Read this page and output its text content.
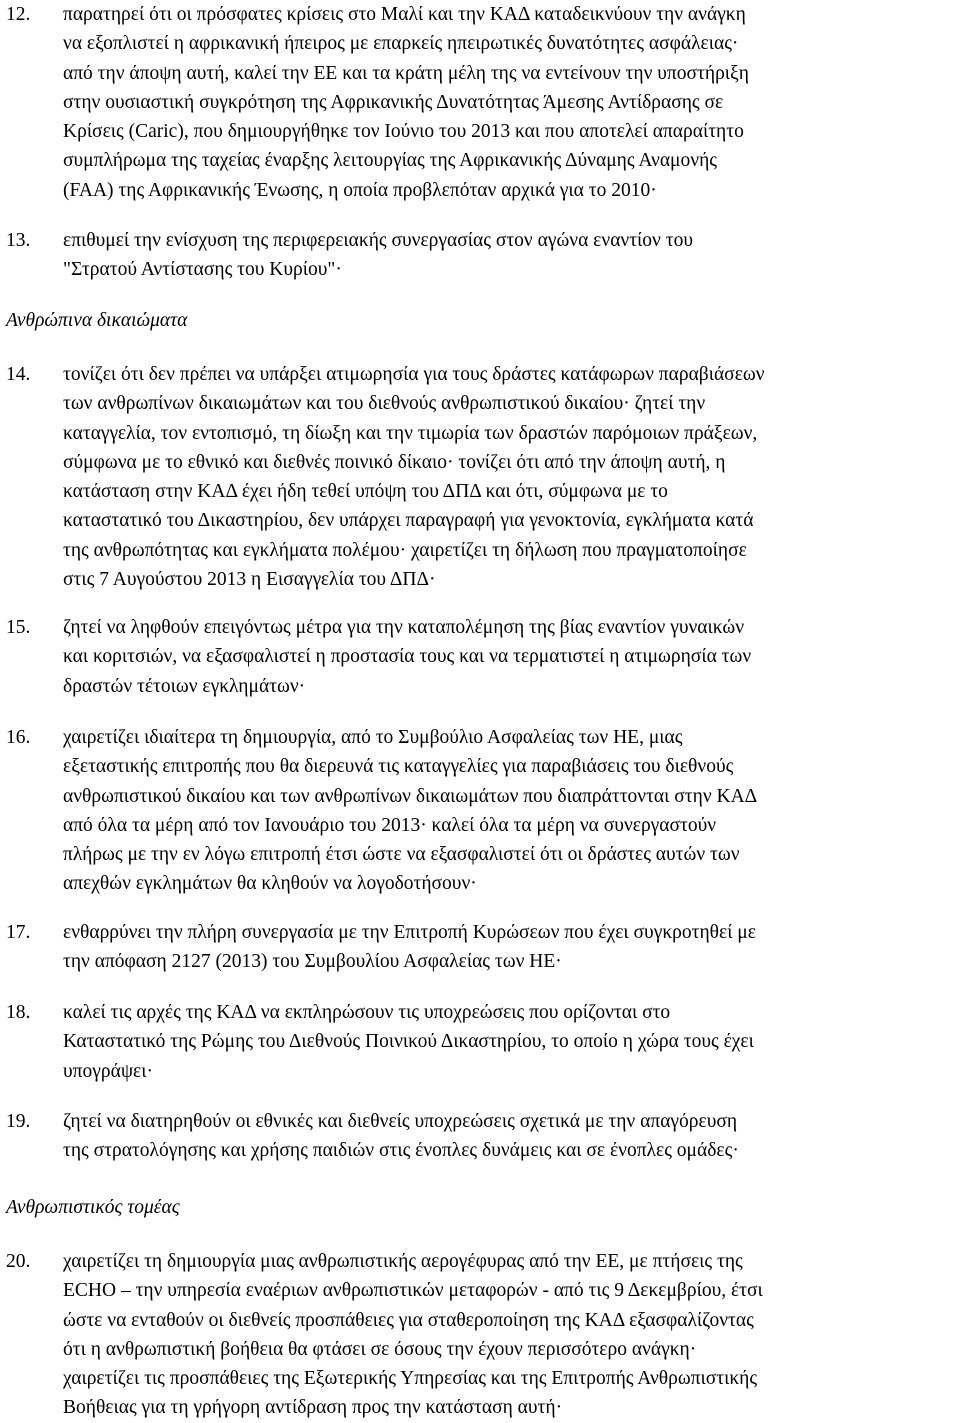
12. παρατηρεί ότι οι πρόσφατες κρίσεις στο Μαλί και την ΚΑΔ καταδεικνύουν την ανάγκη
να εξοπλιστεί η αφρικανική ήπειρος με επαρκείς ηπειρωτικές δυνατότητες ασφάλειας·
από την άποψη αυτή, καλεί την ΕΕ και τα κράτη μέλη της να εντείνουν την υποστήριξη
στην ουσιαστική συγκρότηση της Αφρικανικής Δυνατότητας Άμεσης Αντίδρασης σε
Κρίσεις (Caric), που δημιουργήθηκε τον Ιούνιο του 2013 και που αποτελεί απαραίτητο
συμπλήρωμα της ταχείας έναρξης λειτουργίας της Αφρικανικής Δύναμης Αναμονής
(FAA) της Αφρικανικής Ένωσης, η οποία προβλεπόταν αρχικά για το 2010·
13. επιθυμεί την ενίσχυση της περιφερειακής συνεργασίας στον αγώνα εναντίον του
"Στρατού Αντίστασης του Κυρίου"·
Ανθρώπινα δικαιώματα
14. τονίζει ότι δεν πρέπει να υπάρξει ατιμωρησία για τους δράστες κατάφωρων παραβιάσεων
των ανθρωπίνων δικαιωμάτων και του διεθνούς ανθρωπιστικού δικαίου· ζητεί την
καταγγελία, τον εντοπισμό, τη δίωξη και την τιμωρία των δραστών παρόμοιων πράξεων,
σύμφωνα με το εθνικό και διεθνές ποινικό δίκαιο· τονίζει ότι από την άποψη αυτή, η
κατάσταση στην ΚΑΔ έχει ήδη τεθεί υπόψη του ΔΠΔ και ότι, σύμφωνα με το
καταστατικό του Δικαστηρίου, δεν υπάρχει παραγραφή για γενοκτονία, εγκλήματα κατά
της ανθρωπότητας και εγκλήματα πολέμου· χαιρετίζει τη δήλωση που πραγματοποίησε
στις 7 Αυγούστου 2013 η Εισαγγελία του ΔΠΔ·
15. ζητεί να ληφθούν επειγόντως μέτρα για την καταπολέμηση της βίας εναντίον γυναικών
και κοριτσιών, να εξασφαλιστεί η προστασία τους και να τερματιστεί η ατιμωρησία των
δραστών τέτοιων εγκλημάτων·
16. χαιρετίζει ιδιαίτερα τη δημιουργία, από το Συμβούλιο Ασφαλείας των ΗΕ, μιας
εξεταστικής επιτροπής που θα διερευνά τις καταγγελίες για παραβιάσεις του διεθνούς
ανθρωπιστικού δικαίου και των ανθρωπίνων δικαιωμάτων που διαπράττονται στην ΚΑΔ
από όλα τα μέρη από τον Ιανουάριο του 2013· καλεί όλα τα μέρη να συνεργαστούν
πλήρως με την εν λόγω επιτροπή έτσι ώστε να εξασφαλιστεί ότι οι δράστες αυτών των
απεχθών εγκλημάτων θα κληθούν να λογοδοτήσουν·
17. ενθαρρύνει την πλήρη συνεργασία με την Επιτροπή Κυρώσεων που έχει συγκροτηθεί με
την απόφαση 2127 (2013) του Συμβουλίου Ασφαλείας των ΗΕ·
18. καλεί τις αρχές της ΚΑΔ να εκπληρώσουν τις υποχρεώσεις που ορίζονται στο
Καταστατικό της Ρώμης του Διεθνούς Ποινικού Δικαστηρίου, το οποίο η χώρα τους έχει
υπογράψει·
19. ζητεί να διατηρηθούν οι εθνικές και διεθνείς υποχρεώσεις σχετικά με την απαγόρευση
της στρατολόγησης και χρήσης παιδιών στις ένοπλες δυνάμεις και σε ένοπλες ομάδες·
Ανθρωπιστικός τομέας
20. χαιρετίζει τη δημιουργία μιας ανθρωπιστικής αερογέφυρας από την ΕΕ, με πτήσεις της
ECHO – την υπηρεσία εναέριων ανθρωπιστικών μεταφορών - από τις 9 Δεκεμβρίου, έτσι
ώστε να ενταθούν οι διεθνείς προσπάθειες για σταθεροποίηση της ΚΑΔ εξασφαλίζοντας
ότι η ανθρωπιστική βοήθεια θα φτάσει σε όσους την έχουν περισσότερο ανάγκη·
χαιρετίζει τις προσπάθειες της Εξωτερικής Υπηρεσίας και της Επιτροπής Ανθρωπιστικής
Βοήθειας για τη γρήγορη αντίδραση προς την κατάσταση αυτή·
